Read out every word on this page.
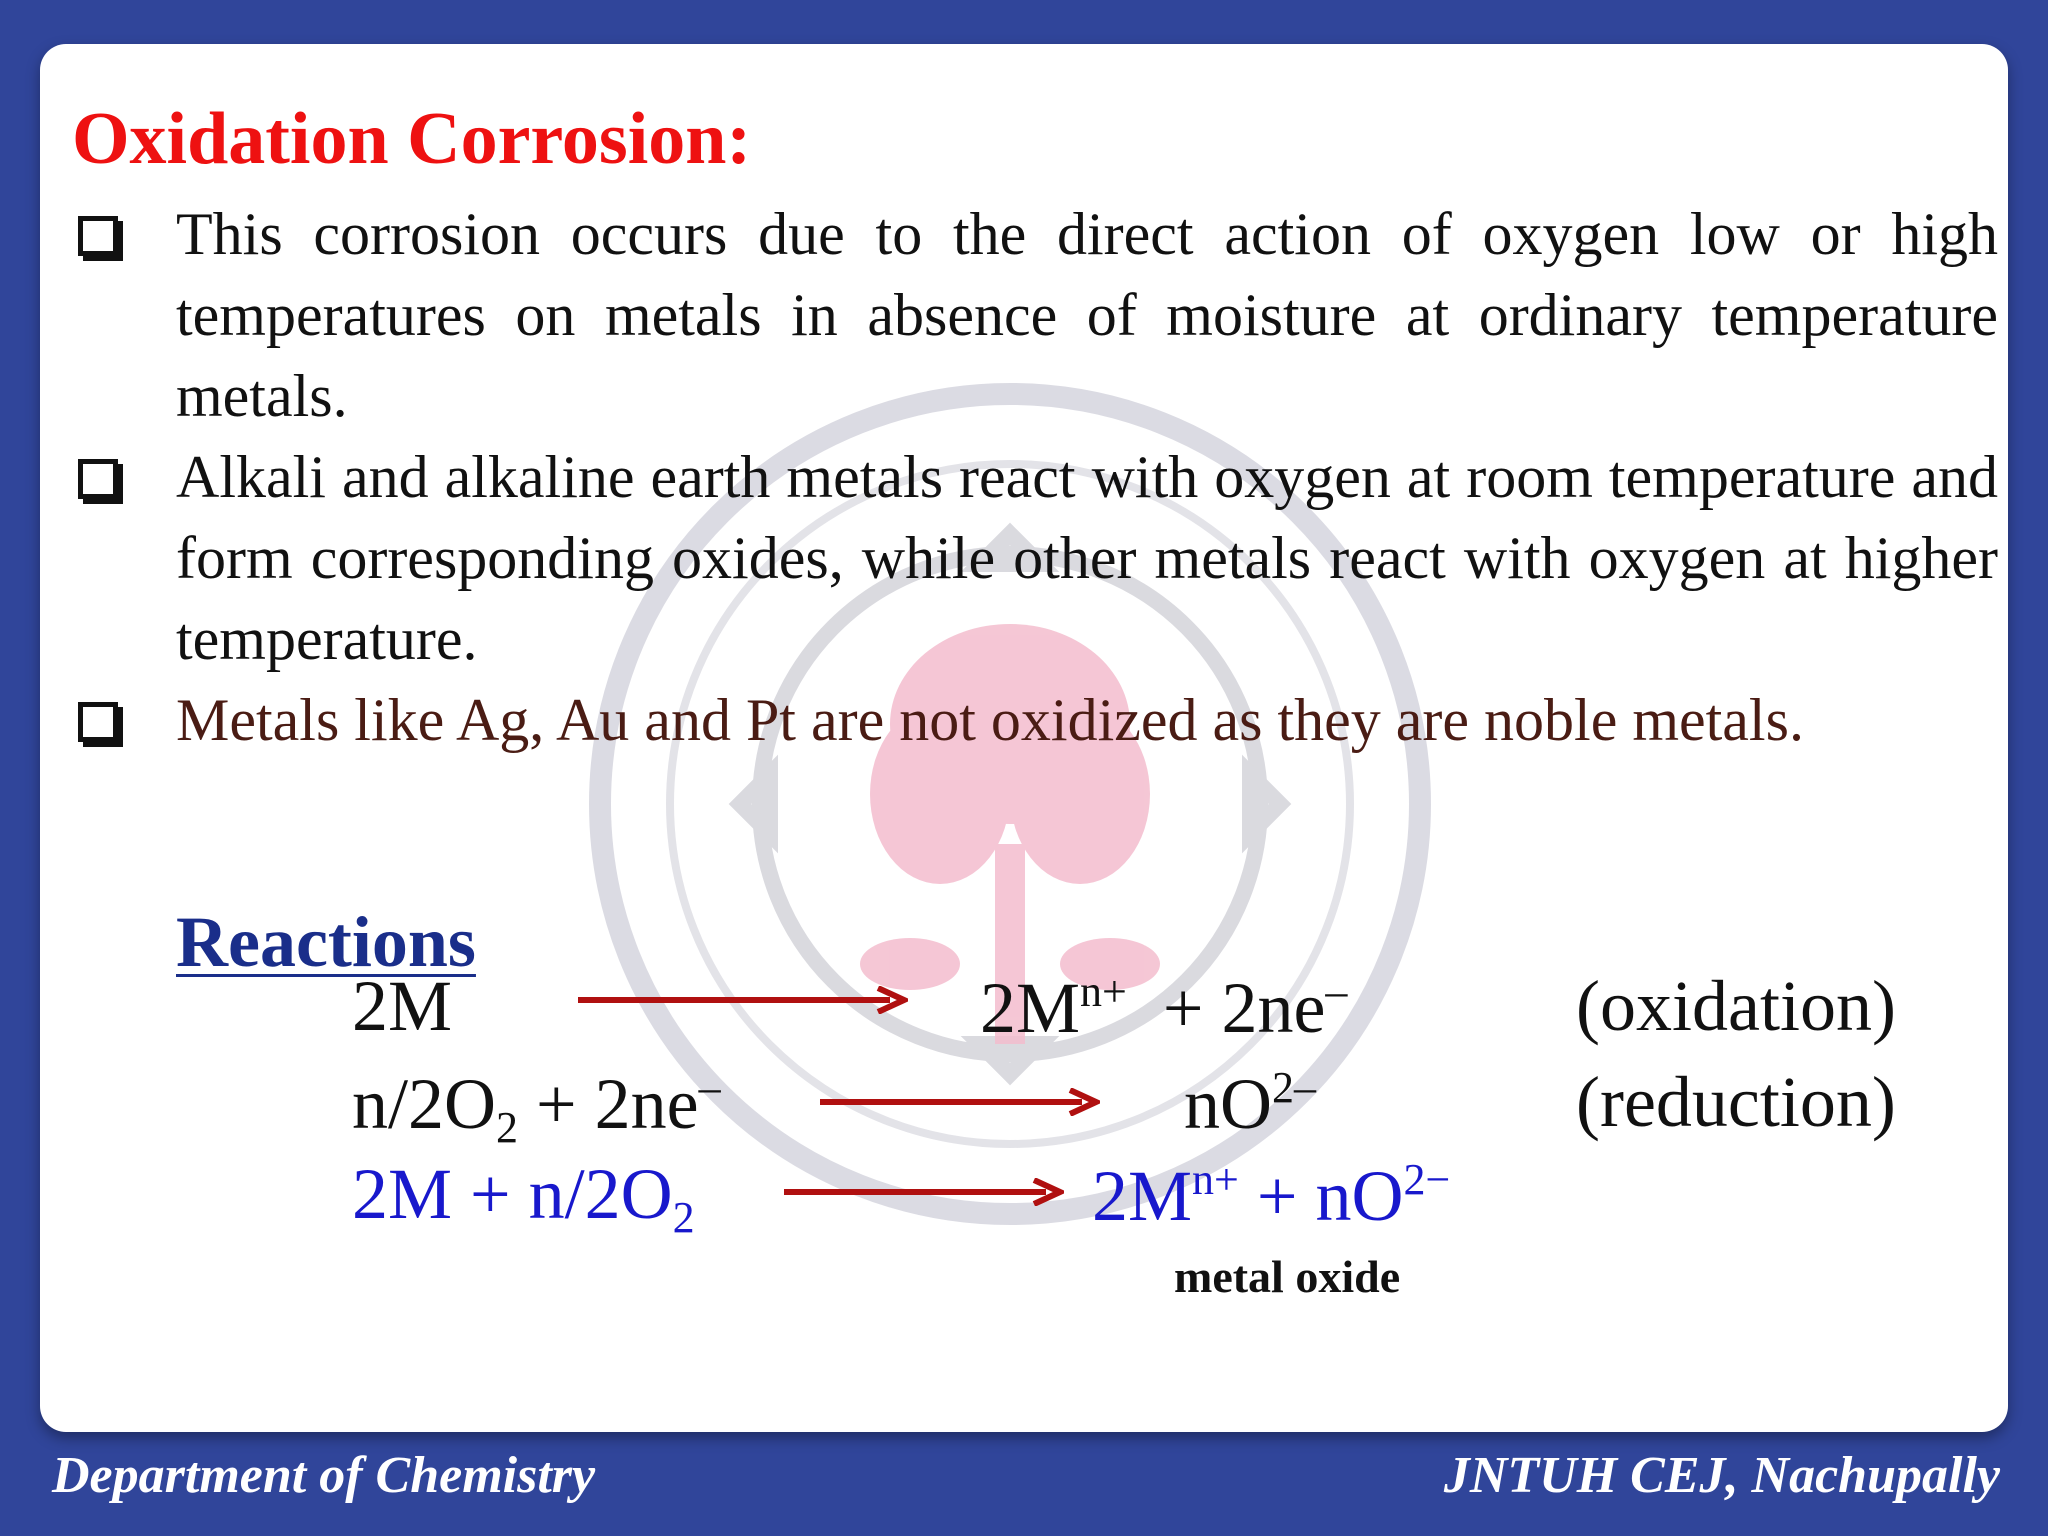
Oxidation Corrosion:
This corrosion occurs due to the direct action of oxygen low or high temperatures on metals in absence of moisture at ordinary temperature metals.
Alkali and alkaline earth metals react with oxygen at room temperature and form corresponding oxides, while other metals react with oxygen at higher temperature.
Metals like Ag, Au and Pt are not oxidized as they are noble metals.
Reactions
2M	$2M^{n+} + 2ne^-$	(oxidation)
$n/2O_2 + 2ne^-$	$nO^{2-}$	(reduction)
$2M + n/2O_2$	$2M^{n+} + nO^{2-}$
metal oxide
Department of Chemistry	JNTUH CEJ, Nachupally
